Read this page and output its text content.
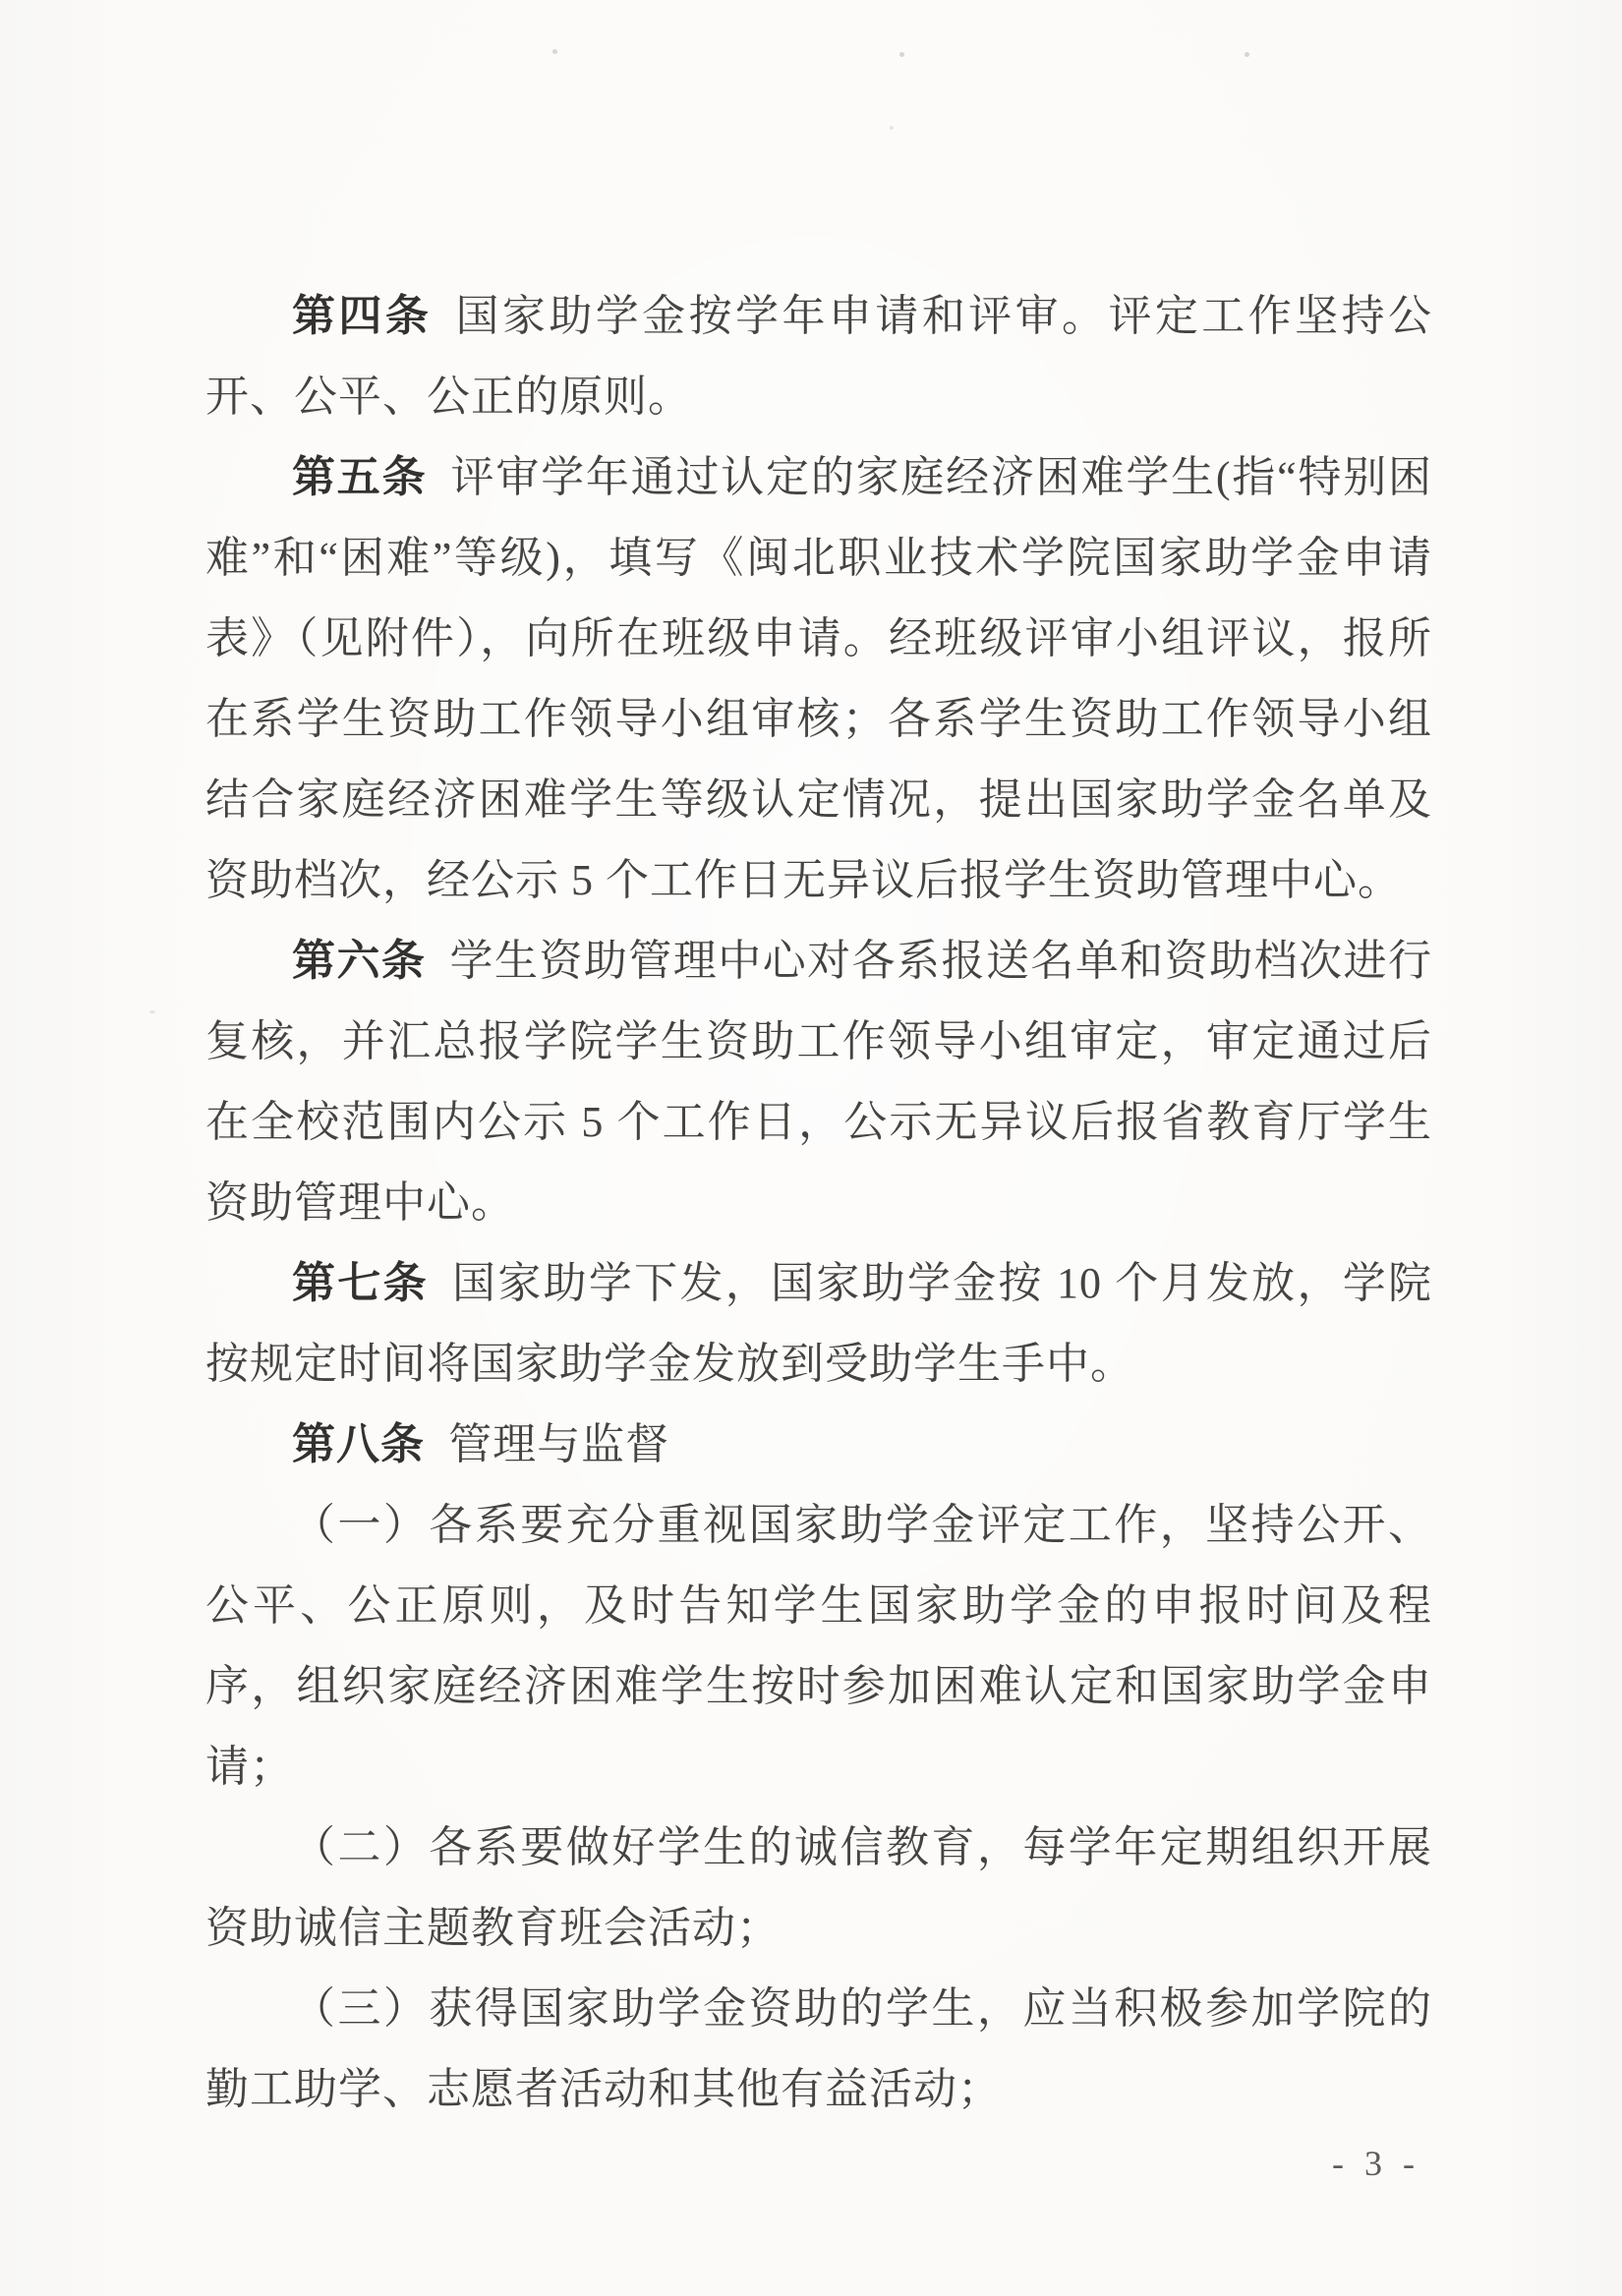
第四条 国家助学金按学年申请和评审。评定工作坚持公开、公平、公正的原则。

第五条 评审学年通过认定的家庭经济困难学生(指“特别困难”和“困难”等级)，填写《闽北职业技术学院国家助学金申请表》（见附件），向所在班级申请。经班级评审小组评议，报所在系学生资助工作领导小组审核；各系学生资助工作领导小组结合家庭经济困难学生等级认定情况，提出国家助学金名单及资助档次，经公示 5 个工作日无异议后报学生资助管理中心。

第六条 学生资助管理中心对各系报送名单和资助档次进行复核，并汇总报学院学生资助工作领导小组审定，审定通过后在全校范围内公示 5 个工作日，公示无异议后报省教育厅学生资助管理中心。

第七条 国家助学下发，国家助学金按 10 个月发放，学院按规定时间将国家助学金发放到受助学生手中。

第八条 管理与监督

（一）各系要充分重视国家助学金评定工作，坚持公开、公平、公正原则，及时告知学生国家助学金的申报时间及程序，组织家庭经济困难学生按时参加困难认定和国家助学金申请；

（二）各系要做好学生的诚信教育，每学年定期组织开展资助诚信主题教育班会活动；

（三）获得国家助学金资助的学生，应当积极参加学院的勤工助学、志愿者活动和其他有益活动；

- 3 -
